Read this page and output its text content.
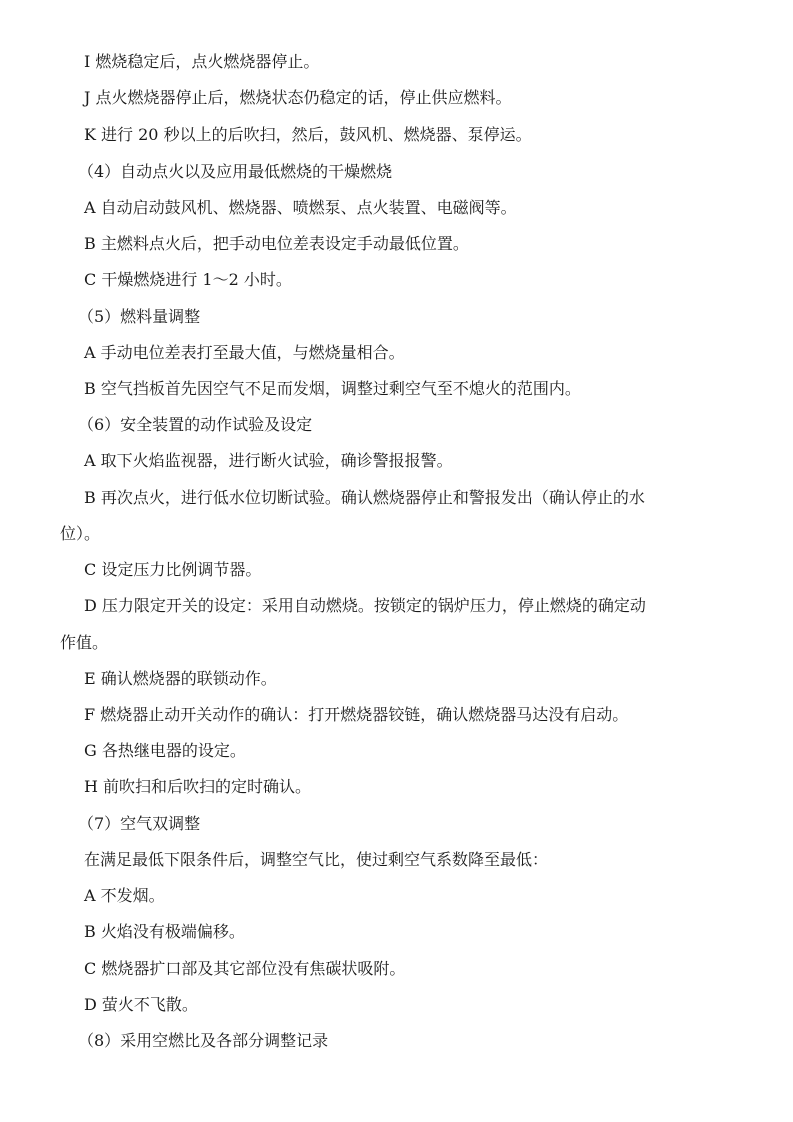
I 燃烧稳定后，点火燃烧器停止。
J 点火燃烧器停止后，燃烧状态仍稳定的话，停止供应燃料。
K 进行 20 秒以上的后吹扫，然后，鼓风机、燃烧器、泵停运。
（4）自动点火以及应用最低燃烧的干燥燃烧
A 自动启动鼓风机、燃烧器、喷燃泵、点火装置、电磁阀等。
B 主燃料点火后，把手动电位差表设定手动最低位置。
C 干燥燃烧进行 1～2 小时。
（5）燃料量调整
A 手动电位差表打至最大值，与燃烧量相合。
B 空气挡板首先因空气不足而发烟，调整过剩空气至不熄火的范围内。
（6）安全装置的动作试验及设定
A 取下火焰监视器，进行断火试验，确诊警报报警。
B 再次点火，进行低水位切断试验。确认燃烧器停止和警报发出（确认停止的水
位）。
C 设定压力比例调节器。
D 压力限定开关的设定：采用自动燃烧。按锁定的锅炉压力，停止燃烧的确定动
作值。
E 确认燃烧器的联锁动作。
F 燃烧器止动开关动作的确认：打开燃烧器铰链，确认燃烧器马达没有启动。
G 各热继电器的设定。
H 前吹扫和后吹扫的定时确认。
（7）空气双调整
在满足最低下限条件后，调整空气比，使过剩空气系数降至最低：
A 不发烟。
B 火焰没有极端偏移。
C 燃烧器扩口部及其它部位没有焦碳状吸附。
D 萤火不飞散。
（8）采用空燃比及各部分调整记录
